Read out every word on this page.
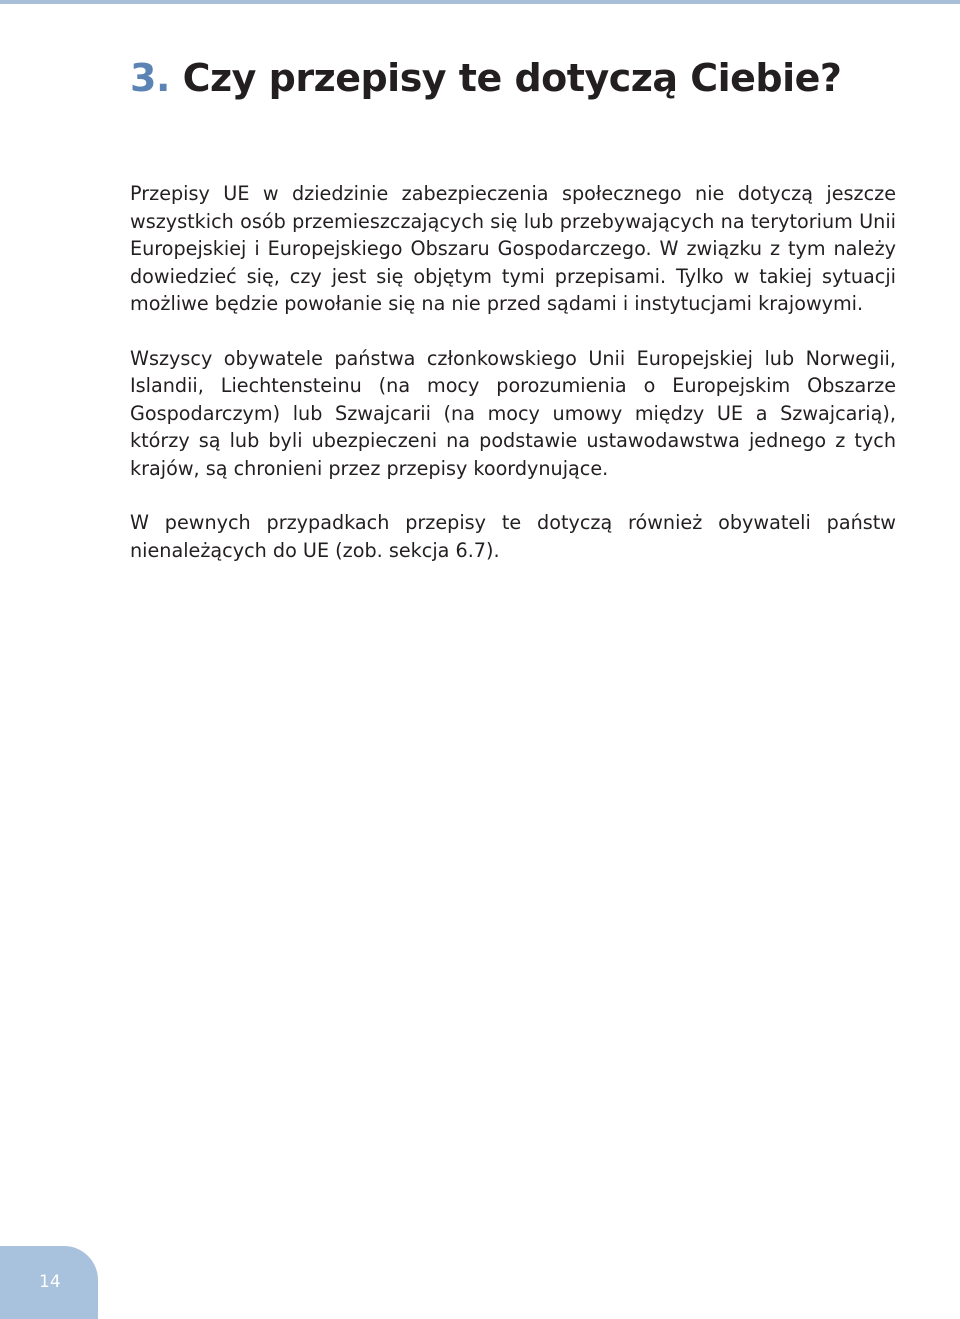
3. Czy przepisy te dotyczą Ciebie?

Przepisy UE w dziedzinie zabezpieczenia społecznego nie dotyczą jeszcze wszystkich osób przemieszczających się lub przebywających na terytorium Unii Europejskiej i Europejskiego Obszaru Gospodarczego. W związku z tym należy dowiedzieć się, czy jest się objętym tymi przepisami. Tylko w takiej sytuacji możliwe będzie powołanie się na nie przed sądami i instytucjami krajowymi.

Wszyscy obywatele państwa członkowskiego Unii Europejskiej lub Norwegii, Islandii, Liechtensteinu (na mocy porozumienia o Europejskim Obszarze Gospodarczym) lub Szwajcarii (na mocy umowy między UE a Szwajcarią), którzy są lub byli ubezpieczeni na podstawie ustawodawstwa jednego z tych krajów, są chronieni przez przepisy koordynujące.

W pewnych przypadkach przepisy te dotyczą również obywateli państw nienależących do UE (zob. sekcja 6.7).

14
